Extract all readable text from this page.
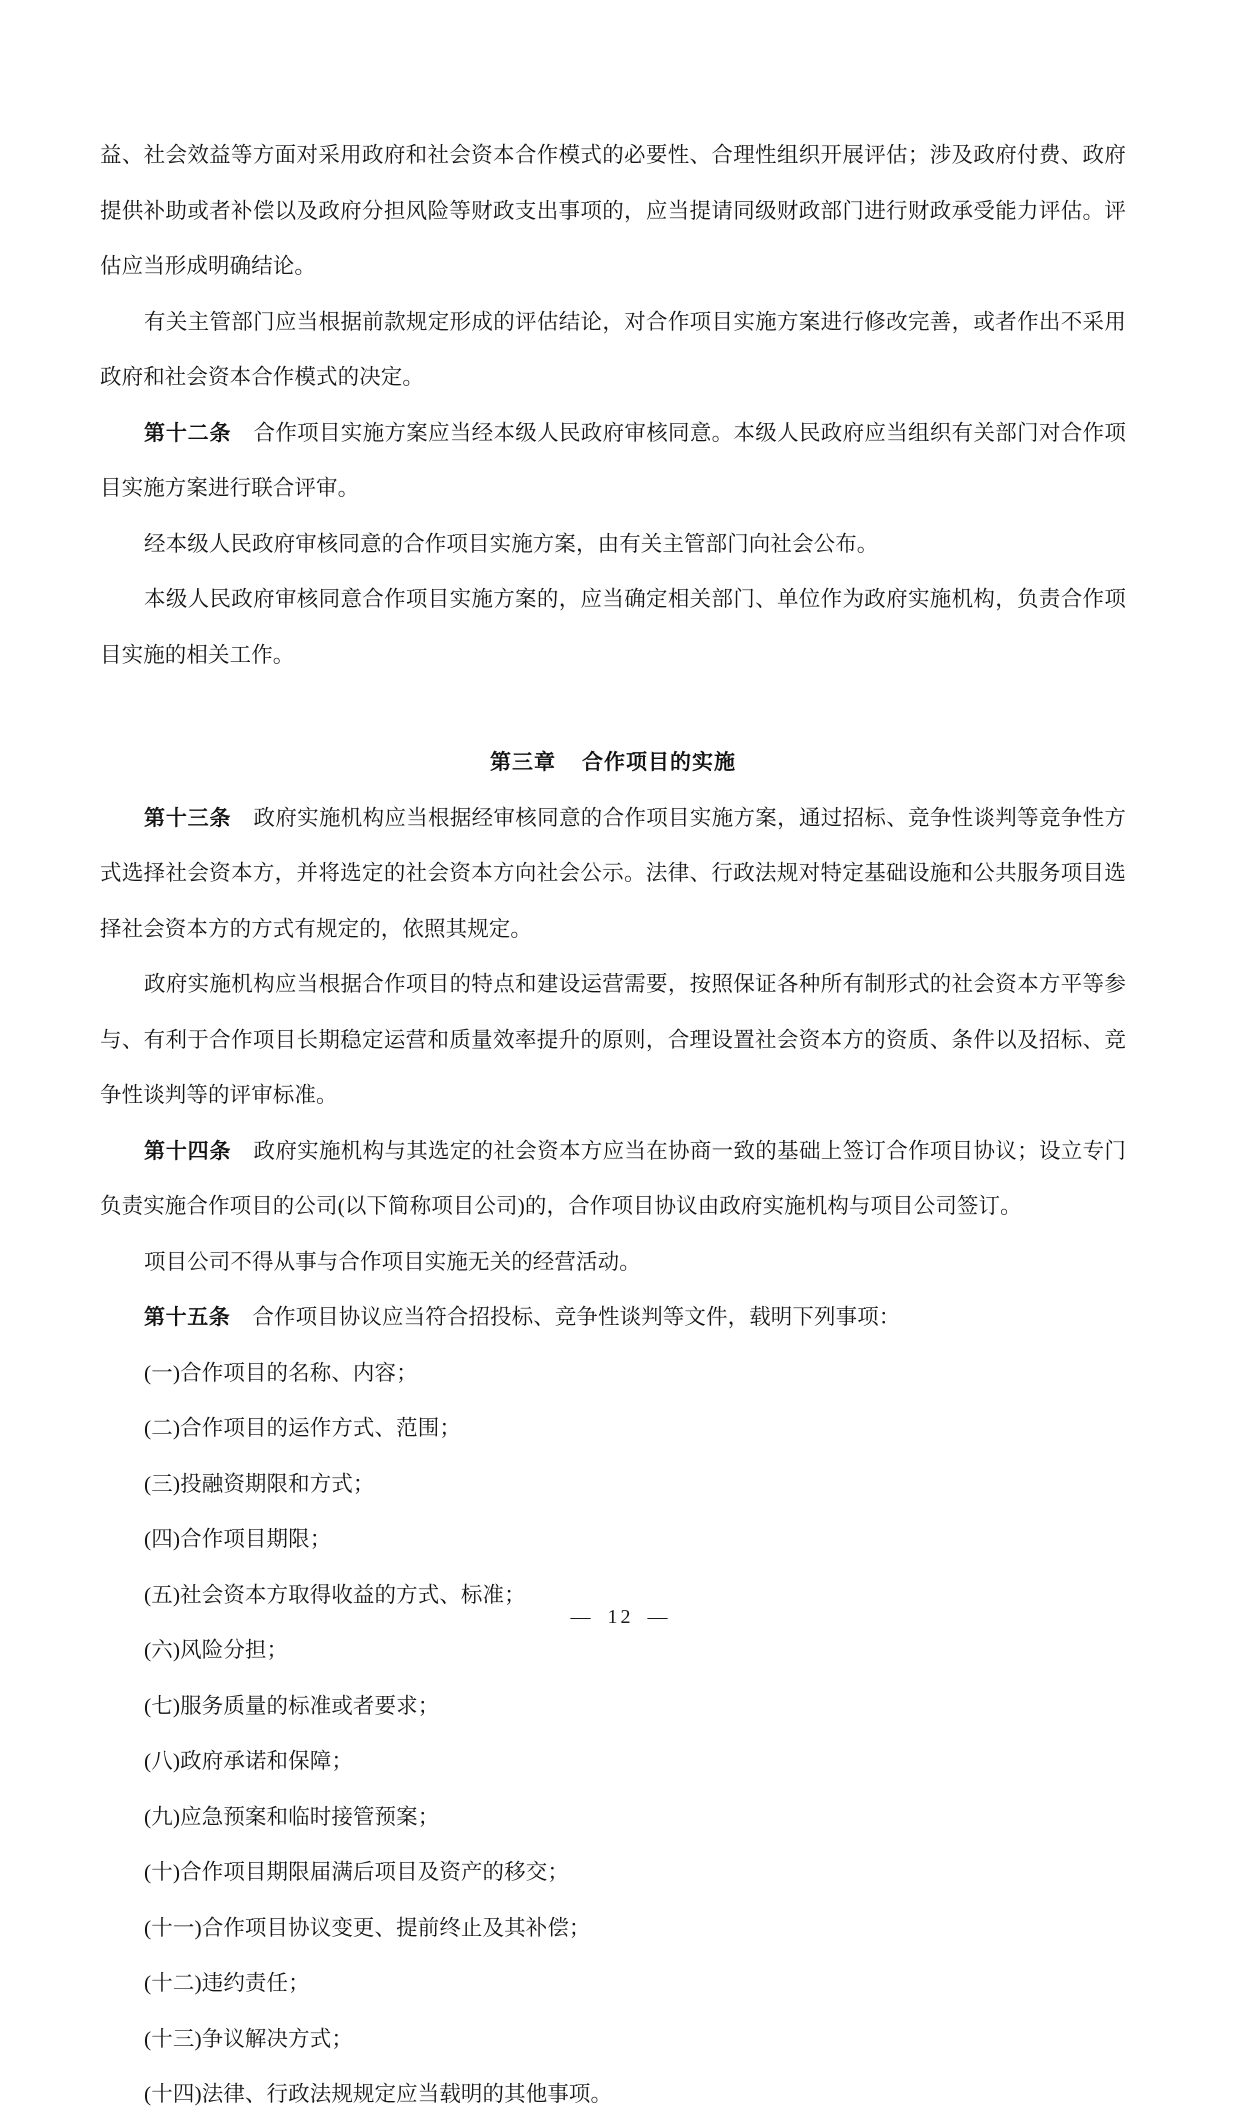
益、社会效益等方面对采用政府和社会资本合作模式的必要性、合理性组织开展评估；涉及政府付费、政府提供补助或者补偿以及政府分担风险等财政支出事项的，应当提请同级财政部门进行财政承受能力评估。评估应当形成明确结论。

有关主管部门应当根据前款规定形成的评估结论，对合作项目实施方案进行修改完善，或者作出不采用政府和社会资本合作模式的决定。

第十二条 合作项目实施方案应当经本级人民政府审核同意。本级人民政府应当组织有关部门对合作项目实施方案进行联合评审。

经本级人民政府审核同意的合作项目实施方案，由有关主管部门向社会公布。

本级人民政府审核同意合作项目实施方案的，应当确定相关部门、单位作为政府实施机构，负责合作项目实施的相关工作。

第三章 合作项目的实施

第十三条 政府实施机构应当根据经审核同意的合作项目实施方案，通过招标、竞争性谈判等竞争性方式选择社会资本方，并将选定的社会资本方向社会公示。法律、行政法规对特定基础设施和公共服务项目选择社会资本方的方式有规定的，依照其规定。

政府实施机构应当根据合作项目的特点和建设运营需要，按照保证各种所有制形式的社会资本方平等参与、有利于合作项目长期稳定运营和质量效率提升的原则，合理设置社会资本方的资质、条件以及招标、竞争性谈判等的评审标准。

第十四条 政府实施机构与其选定的社会资本方应当在协商一致的基础上签订合作项目协议；设立专门负责实施合作项目的公司(以下简称项目公司)的，合作项目协议由政府实施机构与项目公司签订。

项目公司不得从事与合作项目实施无关的经营活动。

第十五条 合作项目协议应当符合招投标、竞争性谈判等文件，载明下列事项：

(一)合作项目的名称、内容；

(二)合作项目的运作方式、范围；

(三)投融资期限和方式；

(四)合作项目期限；

(五)社会资本方取得收益的方式、标准；

(六)风险分担；

(七)服务质量的标准或者要求；

(八)政府承诺和保障；

(九)应急预案和临时接管预案；

(十)合作项目期限届满后项目及资产的移交；

(十一)合作项目协议变更、提前终止及其补偿；

(十二)违约责任；

(十三)争议解决方式；

(十四)法律、行政法规规定应当载明的其他事项。

— 12 —
